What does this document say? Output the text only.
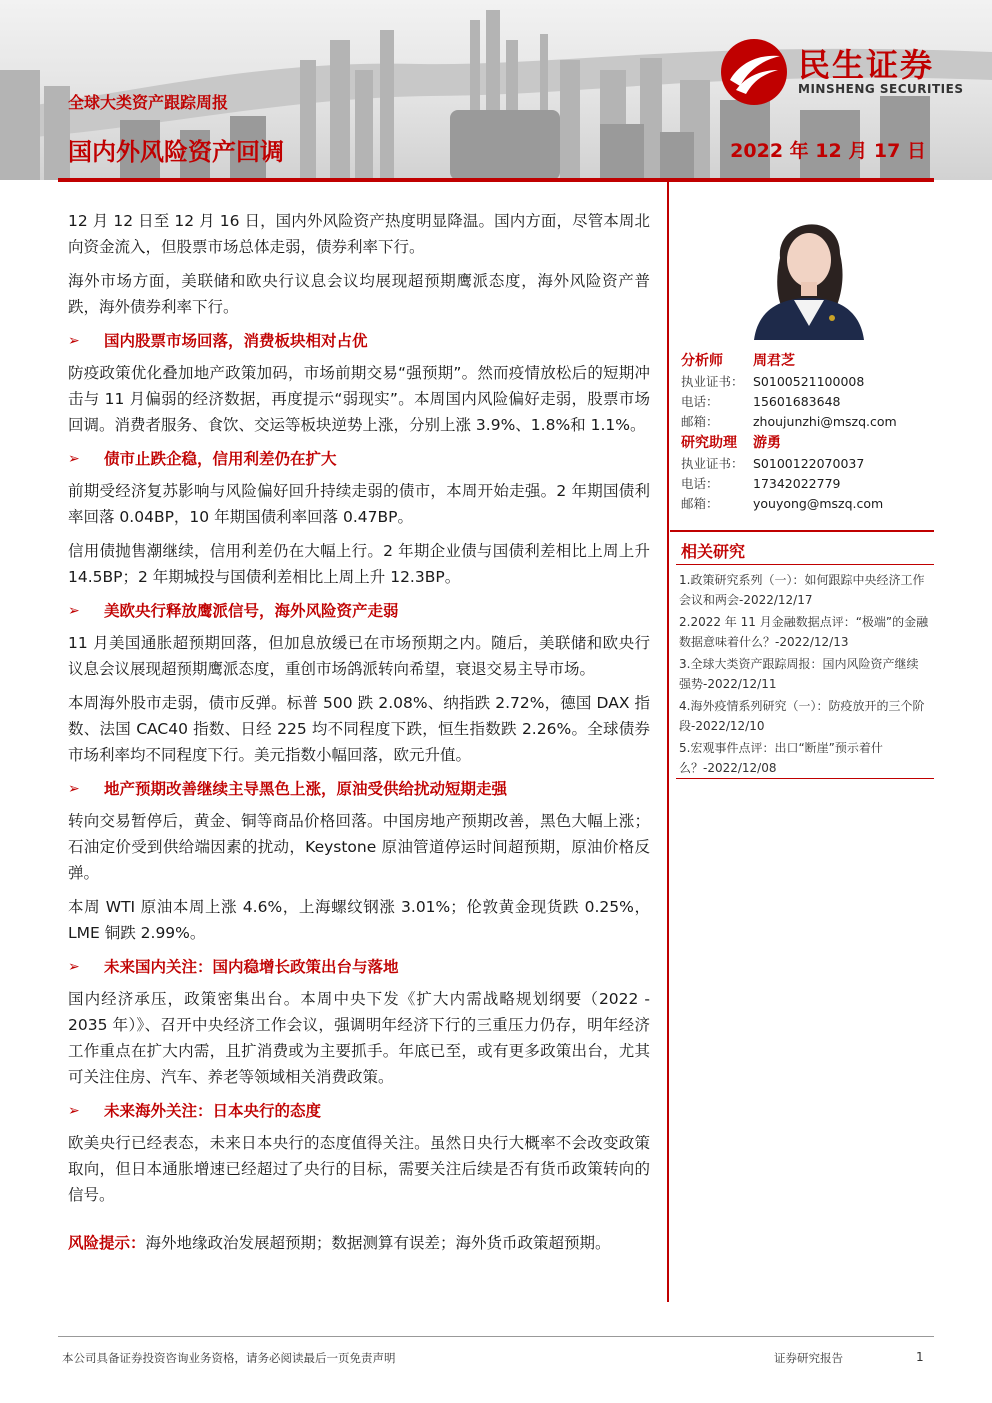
民生证券
MINSHENG SECURITIES
全球大类资产跟踪周报
国内外风险资产回调	2022 年 12 月 17 日

12 月 12 日至 12 月 16 日，国内外风险资产热度明显降温。国内方面，尽管本周北向资金流入，但股票市场总体走弱，债券利率下行。

海外市场方面，美联储和欧央行议息会议均展现超预期鹰派态度，海外风险资产普跌，海外债券利率下行。

➢	国内股票市场回落，消费板块相对占优

防疫政策优化叠加地产政策加码，市场前期交易“强预期”。然而疫情放松后的短期冲击与 11 月偏弱的经济数据，再度提示“弱现实”。本周国内风险偏好走弱，股票市场回调。消费者服务、食饮、交运等板块逆势上涨，分别上涨 3.9%、1.8%和 1.1%。

➢	债市止跌企稳，信用利差仍在扩大

前期受经济复苏影响与风险偏好回升持续走弱的债市，本周开始走强。2 年期国债利率回落 0.04BP，10 年期国债利率回落 0.47BP。

信用债抛售潮继续，信用利差仍在大幅上行。2 年期企业债与国债利差相比上周上升 14.5BP；2 年期城投与国债利差相比上周上升 12.3BP。

➢	美欧央行释放鹰派信号，海外风险资产走弱

11 月美国通胀超预期回落，但加息放缓已在市场预期之内。随后，美联储和欧央行议息会议展现超预期鹰派态度，重创市场鸽派转向希望，衰退交易主导市场。

本周海外股市走弱，债市反弹。标普 500 跌 2.08%、纳指跌 2.72%，德国 DAX 指数、法国 CAC40 指数、日经 225 均不同程度下跌，恒生指数跌 2.26%。全球债券市场利率均不同程度下行。美元指数小幅回落，欧元升值。

➢	地产预期改善继续主导黑色上涨，原油受供给扰动短期走强

转向交易暂停后，黄金、铜等商品价格回落。中国房地产预期改善，黑色大幅上涨；石油定价受到供给端因素的扰动，Keystone 原油管道停运时间超预期，原油价格反弹。

本周 WTI 原油本周上涨 4.6%，上海螺纹钢涨 3.01%；伦敦黄金现货跌 0.25%，LME 铜跌 2.99%。

➢	未来国内关注：国内稳增长政策出台与落地

国内经济承压，政策密集出台。本周中央下发《扩大内需战略规划纲要（2022 - 2035 年）》、召开中央经济工作会议，强调明年经济下行的三重压力仍存，明年经济工作重点在扩大内需，且扩消费或为主要抓手。年底已至，或有更多政策出台，尤其可关注住房、汽车、养老等领域相关消费政策。

➢	未来海外关注：日本央行的态度

欧美央行已经表态，未来日本央行的态度值得关注。虽然日央行大概率不会改变政策取向，但日本通胀增速已经超过了央行的目标，需要关注后续是否有货币政策转向的信号。

风险提示：海外地缘政治发展超预期；数据测算有误差；海外货币政策超预期。

分析师	周君芝
执业证书： S0100521100008
电话：	15601683648
邮箱：	zhoujunzhi@mszq.com
研究助理	游勇
执业证书： S0100122070037
电话：	17342022779
邮箱：	youyong@mszq.com
相关研究
1.政策研究系列（一）：如何跟踪中央经济工作会议和两会-2022/12/17
2.2022 年 11 月金融数据点评：“极端”的金融数据意味着什么？-2022/12/13
3.全球大类资产跟踪周报：国内风险资产继续强势-2022/12/11
4.海外疫情系列研究（一）：防疫放开的三个阶段-2022/12/10
5.宏观事件点评：出口“断崖”预示着什么？-2022/12/08
本公司具备证券投资咨询业务资格，请务必阅读最后一页免责声明	证券研究报告	1
